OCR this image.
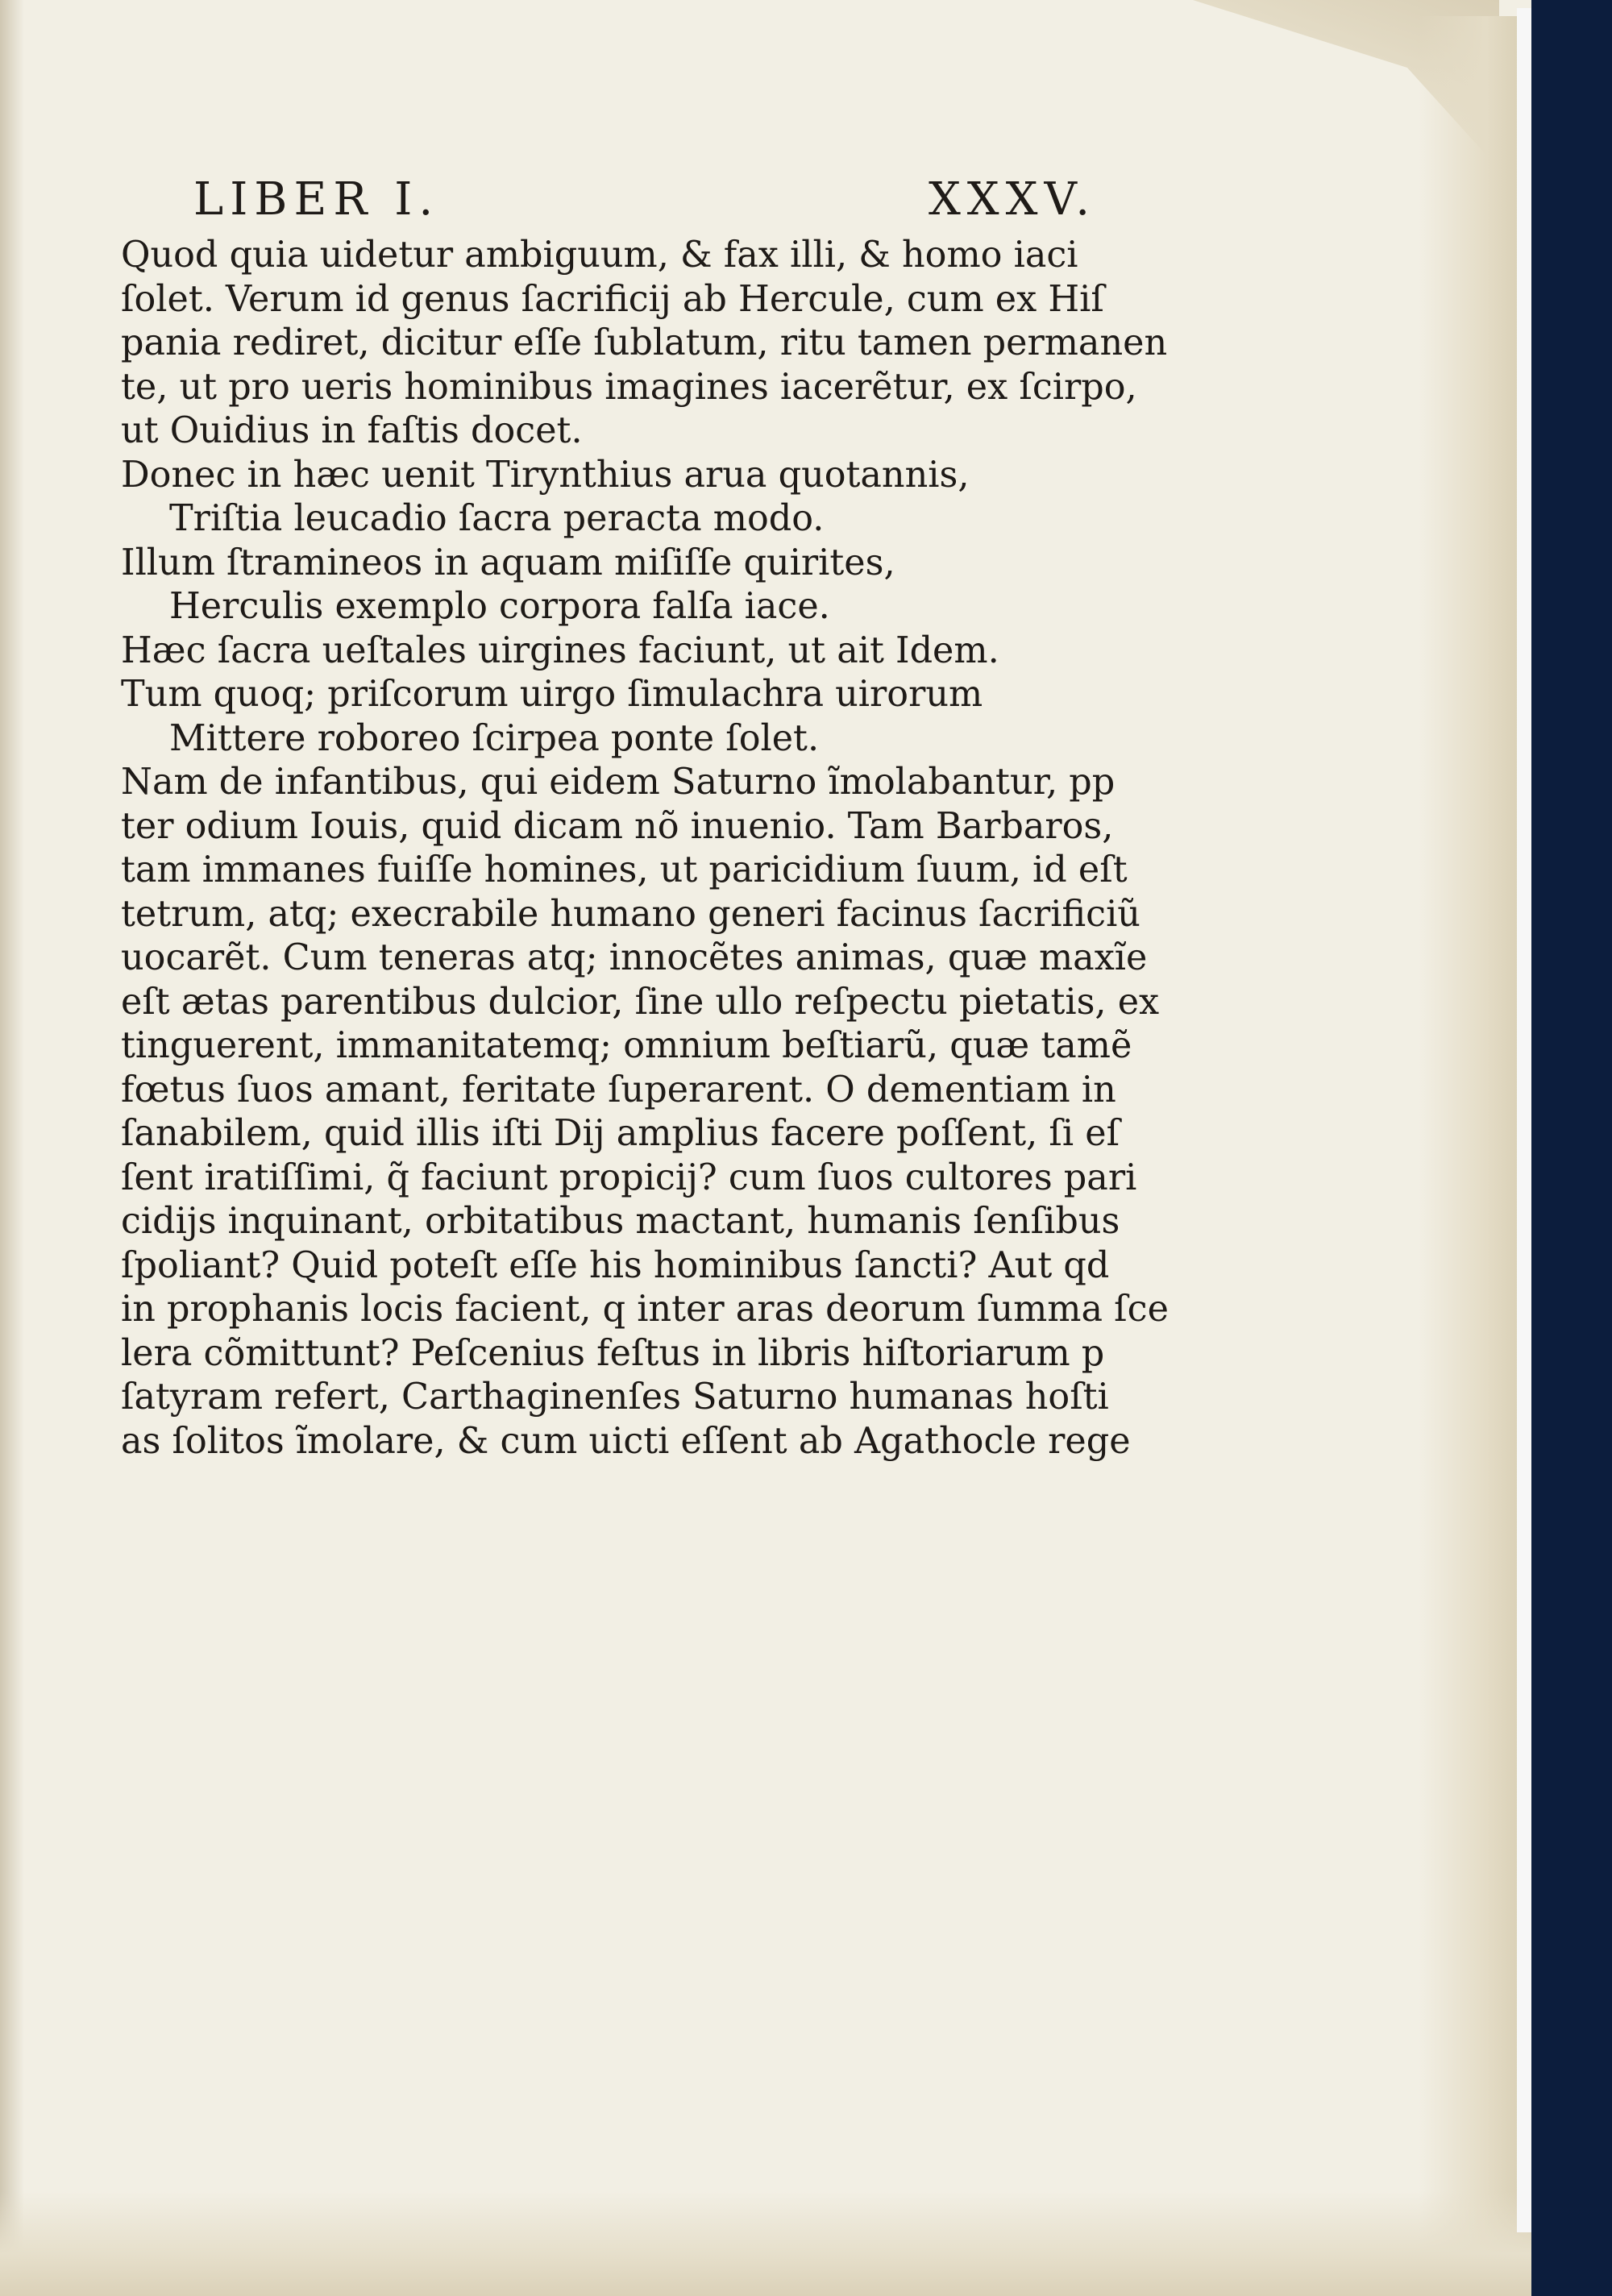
LIBER I.	XXXV.
Quod quia uidetur ambiguum, & fax illi, & homo iaci
ſolet. Verum id genus ſacrificij ab Hercule, cum ex Hiſ
pania rediret, dicitur eſſe ſublatum, ritu tamen permanen
te, ut pro ueris hominibus imagines iacerẽtur, ex ſcirpo,
ut Ouidius in faſtis docet.
Donec in hæc uenit Tirynthius arua quotannis,
Triſtia leucadio ſacra peracta modo.
Illum ſtramineos in aquam miſiſſe quirites,
Herculis exemplo corpora falſa iace.
Hæc ſacra ueſtales uirgines faciunt, ut ait Idem.
Tum quoq; priſcorum uirgo ſimulachra uirorum
Mittere roboreo ſcirpea ponte ſolet.
Nam de infantibus, qui eidem Saturno ĩmolabantur, pp
ter odium Iouis, quid dicam nõ inuenio. Tam Barbaros,
tam immanes fuiſſe homines, ut paricidium ſuum, id eſt
tetrum, atq; execrabile humano generi facinus ſacrificiũ
uocarẽt. Cum teneras atq; innocẽtes animas, quæ maxĩe
eſt ætas parentibus dulcior, ſine ullo reſpectu pietatis, ex
tinguerent, immanitatemq; omnium beſtiarũ, quæ tamẽ
fœtus ſuos amant, feritate ſuperarent. O dementiam in
ſanabilem, quid illis iſti Dij amplius facere poſſent, ſi eſ
ſent iratiſſimi, q̃ faciunt propicij? cum ſuos cultores pari
cidijs inquinant, orbitatibus mactant, humanis ſenſibus
ſpoliant? Quid poteſt eſſe his hominibus ſancti? Aut qd
in prophanis locis facient, q inter aras deorum ſumma ſce
lera cõmittunt? Peſcenius feſtus in libris hiſtoriarum p
ſatyram refert, Carthaginenſes Saturno humanas hoſti
as ſolitos ĩmolare, & cum uicti eſſent ab Agathocle rege
